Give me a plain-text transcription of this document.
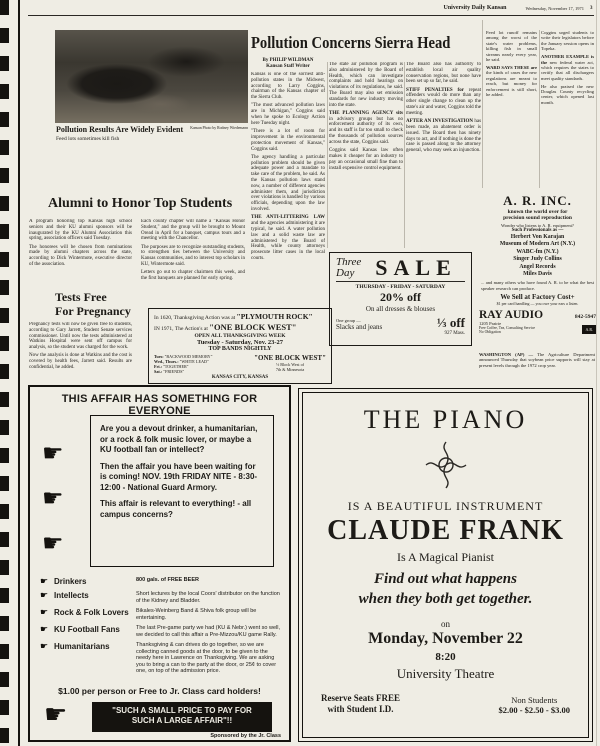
University Daily Kansan	Wednesday, November 17, 1971 3
Kansan Photo by Rodney Wiedemann
Pollution Results Are Widely Evident
Feed lots sometimes kill fish
Pollution Concerns Sierra Head
By PHILIP WILDMAN
Kansan Staff Writer
Kansas is one of the sorriest anti-pollution states in the Midwest, according to Larry Coggins, chairman of the Kansas chapter of the Sierra Club.
"The most advanced pollution laws are in Michigan," Coggins said when he spoke to Ecology Action here Tuesday night.
"There is a lot of room for improvement in the environmental protection movement of Kansas," Coggins said.
The agency handling a particular pollution problem should be given adequate power and a mandate to take care of the problem, he said. As the Kansas pollution laws stand now, a number of different agencies administer them, and jurisdiction over violations is handled by various officials, depending upon the law involved.
THE ANTI-LITTERING LAW and the agencies administering it are typical, he said. A water pollution law and a solid waste law are administered by the Board of Health, while county attorneys prosecute litter cases in the local courts.
The state air pollution program is also administered by the Board of Health, which can investigate complaints and hold hearings on violations of its regulations, he said. The Board may also set emission standards for new industry moving into the state.
THE PLANNING AGENCY sits in advisory groups but has no enforcement authority of its own, and its staff is far too small to check the thousands of pollution sources across the state, Coggins said.
Coggins said Kansas law often makes it cheaper for an industry to pay an occasional small fine than to install expensive control equipment.
The Board also has authority to establish local air quality conservation regions, but none have been set up so far, he said.
STIFF PENALTIES for repeat offenders would do more than any other single change to clean up the state's air and water, Coggins told the meeting.
AFTER AN INVESTIGATION has been made, an abatement order is issued. The Board then has ninety days to act, and if nothing is done the case is passed along to the attorney general, who may seek an injunction.
Feed lot runoff remains among the worst of the state's water problems, killing fish in small streams nearly every year, he said.
WARD SAYS THESE are the kinds of cases the new regulations are meant to reach, but money for enforcement is still short, he added.
Coggins urged students to write their legislators before the January session opens in Topeka.
ANOTHER EXAMPLE is the new federal water act, which requires the states to certify that all dischargers meet quality standards.
He also praised the new Douglas County recycling center, which opened last month.
WASHINGTON (AP) — The Agriculture Department announced Thursday that soybean price supports will stay at present levels through the 1972 crop year.
Alumni to Honor Top Students
A program honoring top Kansas high school seniors and their KU alumni sponsors will be inaugurated by the KU Alumni Association this spring, association officers said Tuesday.
The honorees will be chosen from nominations made by alumni chapters across the state, according to Dick Wintermote, executive director of the association.
Each county chapter will name a "Kansas Honor Student," and the group will be brought to Mount Oread in April for a banquet, campus tours and a meeting with the Chancellor.
The purposes are to recognize outstanding students, to strengthen ties between the University and Kansas communities, and to interest top scholars in KU, Wintermote said.
Letters go out to chapter chairmen this week, and the first banquets are planned for early spring.
Tests Free
For Pregnancy
Pregnancy tests will now be given free to students, according to Gary Jarrett, Student Senate services commissioner. Until now the tests administered at Watkins Hospital were sent off campus for analysis, so the student was charged for the work.
Now the analysis is done at Watkins and the cost is covered by health fees, Jarrett said. Results are confidential, he added.
In 1620, Thanksgiving Action was at "PLYMOUTH ROCK"
IN 1971, The Action's at "ONE BLOCK WEST"
OPEN ALL THANKSGIVING WEEK
Tuesday - Saturday, Nov. 23-27
TOP BANDS NIGHTLY
Tues: "BACKWOOD MEMORY"
Wed., Thurs.: "WHITE LEAD"
Fri.: "TOGETHER"
Sat.: "FRIENDS"
"ONE BLOCK WEST"
½ Block West of
7th & Minnesota
KANSAS CITY, KANSAS
Three
Day SALE
THURSDAY - FRIDAY - SATURDAY
20% off
On all dresses & blouses
One group —
Slacks and jeans	⅓ off
927 Mass.
A. R. INC.
known the world over for
precision sound reproduction
Wonder who listens to A. R. equipment?
Such Professionals as —
Herbert Von Karajan
Museum of Modern Art (N.Y.)
WABC-fm (N.Y.)
Singer Judy Collins
Angel Records
Miles Davis
... and many others who have found A. R. to be what the best speaker research can produce.
We Sell at Factory Cost+
$1 per card handling — you owe your ears a listen.
RAY AUDIO	842-5947
1205 Prairie
Free Coffee, Tea, Consulting Service
No Obligation	A.R.
THIS AFFAIR HAS SOMETHING FOR EVERYONE
☛
☛
☛
Are you a devout drinker, a humanitarian, or a rock & folk music lover, or maybe a KU football fan or intellect?
Then the affair you have been waiting for is coming! NOV. 19th FRIDAY NITE - 8:30-12:00 - National Guard Armory.
This affair is relevant to everything! - all campus concerns?
☛ Drinkers	800 gals. of FREE BEER
☛ Intellects	Short lectures by the local Coors' distributor on the function of the Kidney and Bladder.
☛ Rock & Folk Lovers	Bikales-Weinberg Band & Shiva folk group will be entertaining.
☛ KU Football Fans	The last Pre-game party we had (KU & Nebr.) went so well, we decided to call this affair a Pre-Mizzou/KU game Rally.
☛ Humanitarians	Thanksgiving & can drives do go together, so we are collecting canned goods at the door, to be given to the needy here in Lawrence on Thanksgiving. We are asking you to bring a can to the party at the door, or 25¢ to cover one, on top of the admission price.
$1.00 per person or Free to Jr. Class card holders!
☛	"SUCH A SMALL PRICE TO PAY FOR SUCH A LARGE AFFAIR"!!
Sponsored by the Jr. Class
THE PIANO
IS A BEAUTIFUL INSTRUMENT
CLAUDE FRANK
Is A Magical Pianist
Find out what happens
when they both get together.
on
Monday, November 22
8:20
University Theatre
Reserve Seats FREE
with Student I.D.
Non Students
$2.00 - $2.50 - $3.00
